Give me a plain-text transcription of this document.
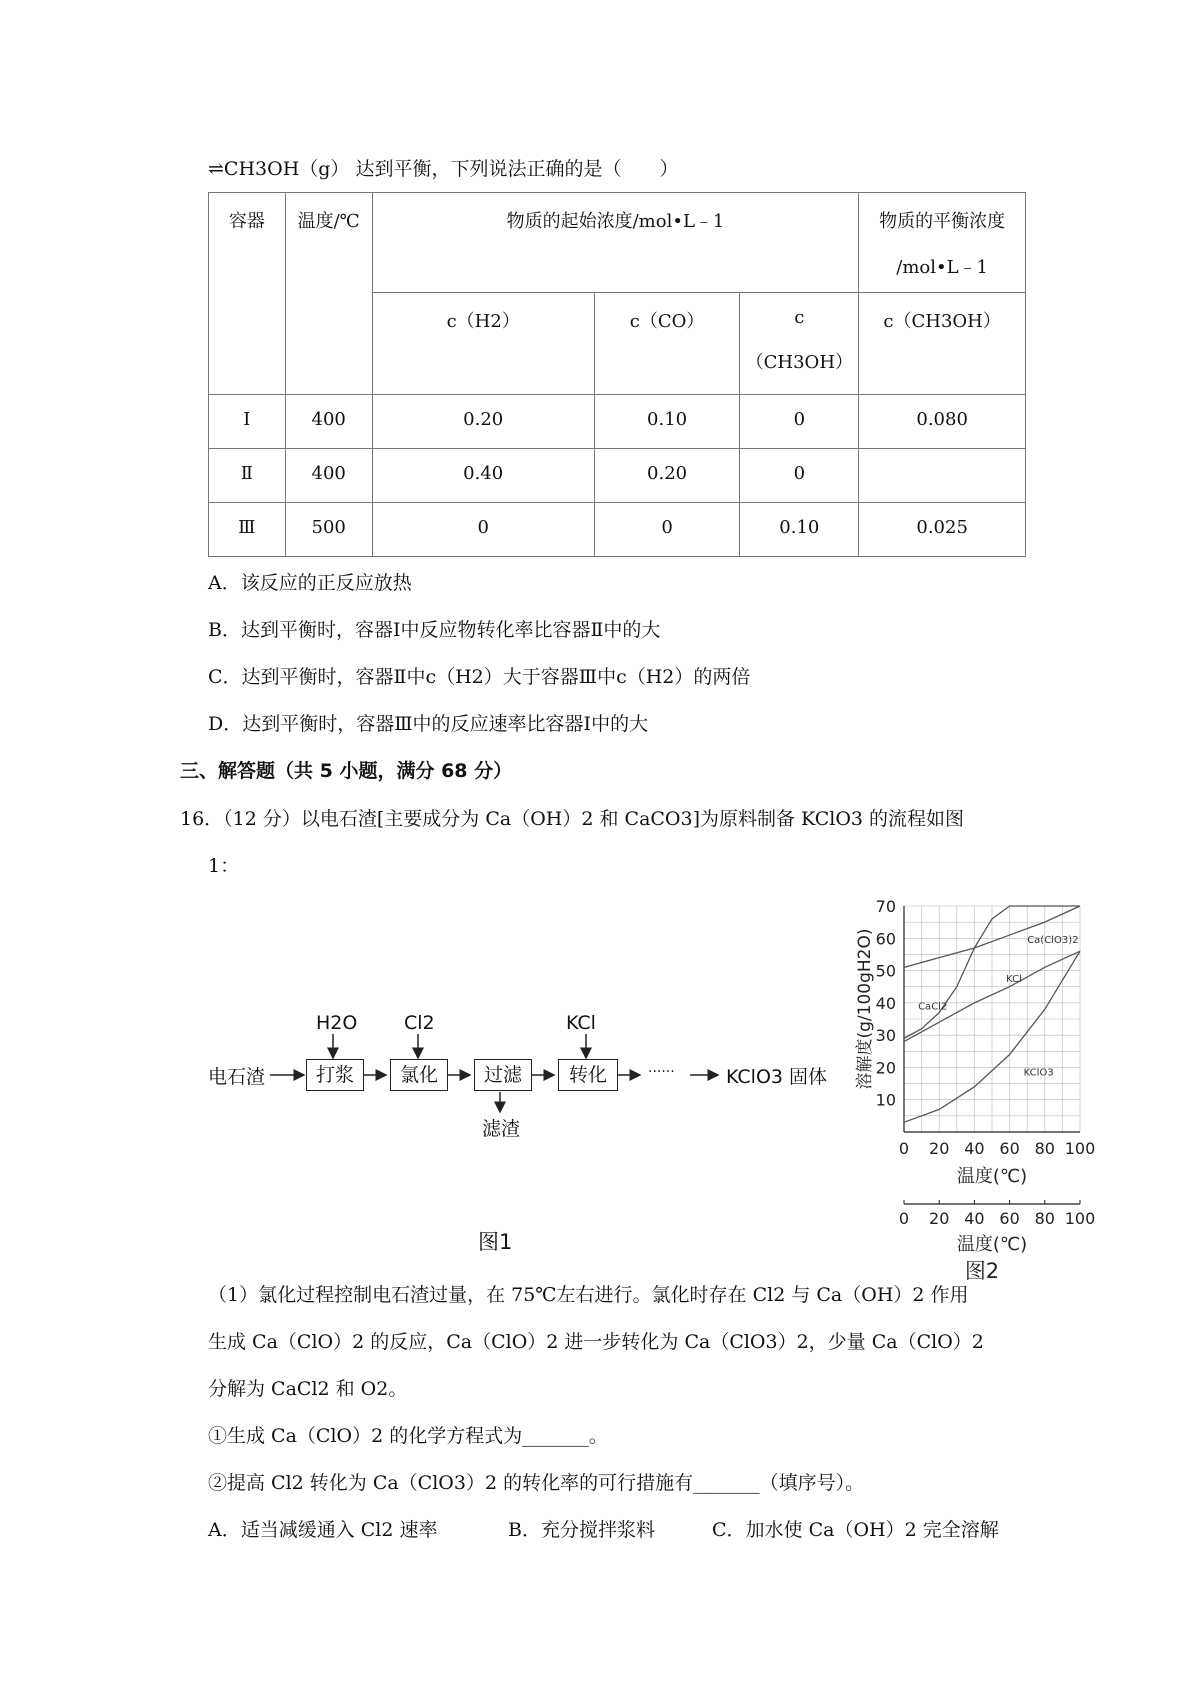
⇌CH3OH（g） 达到平衡，下列说法正确的是（　　）
容器	温度/℃	物质的起始浓度/mol•L﹣1			物质的平衡浓度
/mol•L﹣1

		c（H2）	c（CO）	c
（CH3OH）	c（CH3OH）
Ⅰ	400	0.20	0.10	0	0.080
Ⅱ	400	0.40	0.20	0	
Ⅲ	500	0	0	0.10	0.025
A．该反应的正反应放热
B．达到平衡时，容器Ⅰ中反应物转化率比容器Ⅱ中的大
C．达到平衡时，容器Ⅱ中c（H2）大于容器Ⅲ中c（H2）的两倍
D．达到平衡时，容器Ⅲ中的反应速率比容器Ⅰ中的大
三、解答题（共 5 小题，满分 68 分）
16．（12 分）以电石渣[主要成分为 Ca（OH）2 和 CaCO3]为原料制备 KClO3 的流程如图
1：
电石渣
H2O Cl2	KCl
打浆	氯化	过滤	转化	······	KClO3 固体
滤渣
图1
10
20
30
40
50
60
70
0 20 40 60 80 100
温度(℃)
溶解度(g/100gH2O)	CaCl2
Ca(ClO3)2
KCl
KClO3
0 20 40 60 80 100
温度(℃)
图2
（1）氯化过程控制电石渣过量，在 75℃左右进行。氯化时存在 Cl2 与 Ca（OH）2 作用
生成 Ca（ClO）2 的反应，Ca（ClO）2 进一步转化为 Ca（ClO3）2，少量 Ca（ClO）2
分解为 CaCl2 和 O2。
①生成 Ca（ClO）2 的化学方程式为_______。
②提高 Cl2 转化为 Ca（ClO3）2 的转化率的可行措施有_______（填序号）。
A．适当减缓通入 Cl2 速率	B．充分搅拌浆料	C．加水使 Ca（OH）2 完全溶解
